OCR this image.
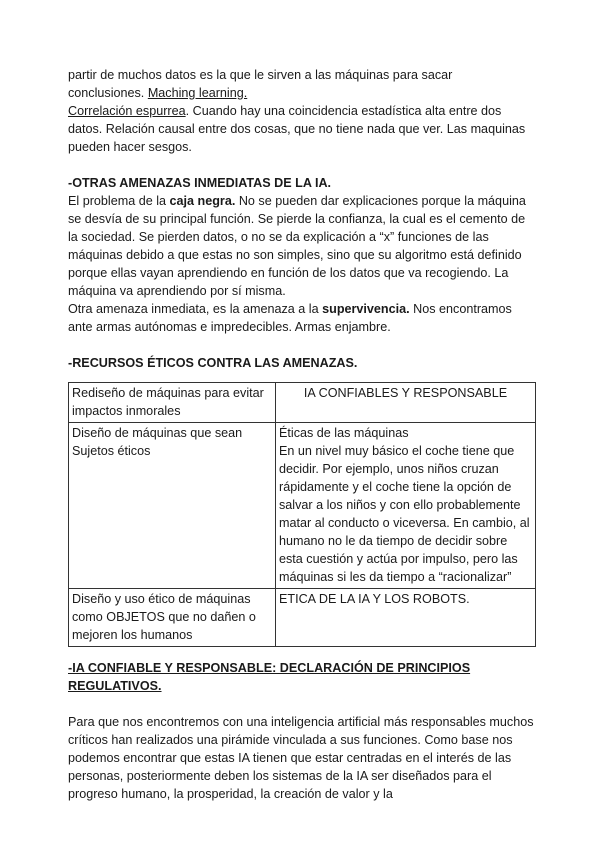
partir de muchos datos es la que le sirven a las máquinas para sacar
conclusiones. Maching learning.
Correlación espurrea. Cuando hay una coincidencia estadística alta entre dos datos. Relación causal entre dos cosas, que no tiene nada que ver. Las maquinas pueden hacer sesgos.

-OTRAS AMENAZAS INMEDIATAS DE LA IA.

El problema de la caja negra. No se pueden dar explicaciones porque la máquina se desvía de su principal función. Se pierde la confianza, la cual es el cemento de la sociedad. Se pierden datos, o no se da explicación a “x” funciones de las máquinas debido a que estas no son simples, sino que su algoritmo está definido porque ellas vayan aprendiendo en función de los datos que va recogiendo. La máquina va aprendiendo por sí misma.

Otra amenaza inmediata, es la amenaza a la supervivencia. Nos encontramos ante armas autónomas e impredecibles. Armas enjambre.

-RECURSOS ÉTICOS CONTRA LAS AMENAZAS.
Rediseño de máquinas para evitar impactos inmorales	IA CONFIABLES Y RESPONSABLE
Diseño de máquinas que sean Sujetos éticos	Éticas de las máquinas
En un nivel muy básico el coche tiene que decidir. Por ejemplo, unos niños cruzan rápidamente y el coche tiene la opción de salvar a los niños y con ello probablemente matar al conducto o viceversa. En cambio, al humano no le da tiempo de decidir sobre esta cuestión y actúa por impulso, pero las máquinas si les da tiempo a “racionalizar”

Diseño y uso ético de máquinas como OBJETOS que no dañen o mejoren los humanos	ETICA DE LA IA Y LOS ROBOTS.
-IA CONFIABLE Y RESPONSABLE: DECLARACIÓN DE PRINCIPIOS REGULATIVOS.

Para que nos encontremos con una inteligencia artificial más responsables muchos críticos han realizados una pirámide vinculada a sus funciones. Como base nos podemos encontrar que estas IA tienen que estar centradas en el interés de las personas, posteriormente deben los sistemas de la IA ser diseñados para el progreso humano, la prosperidad, la creación de valor y la
